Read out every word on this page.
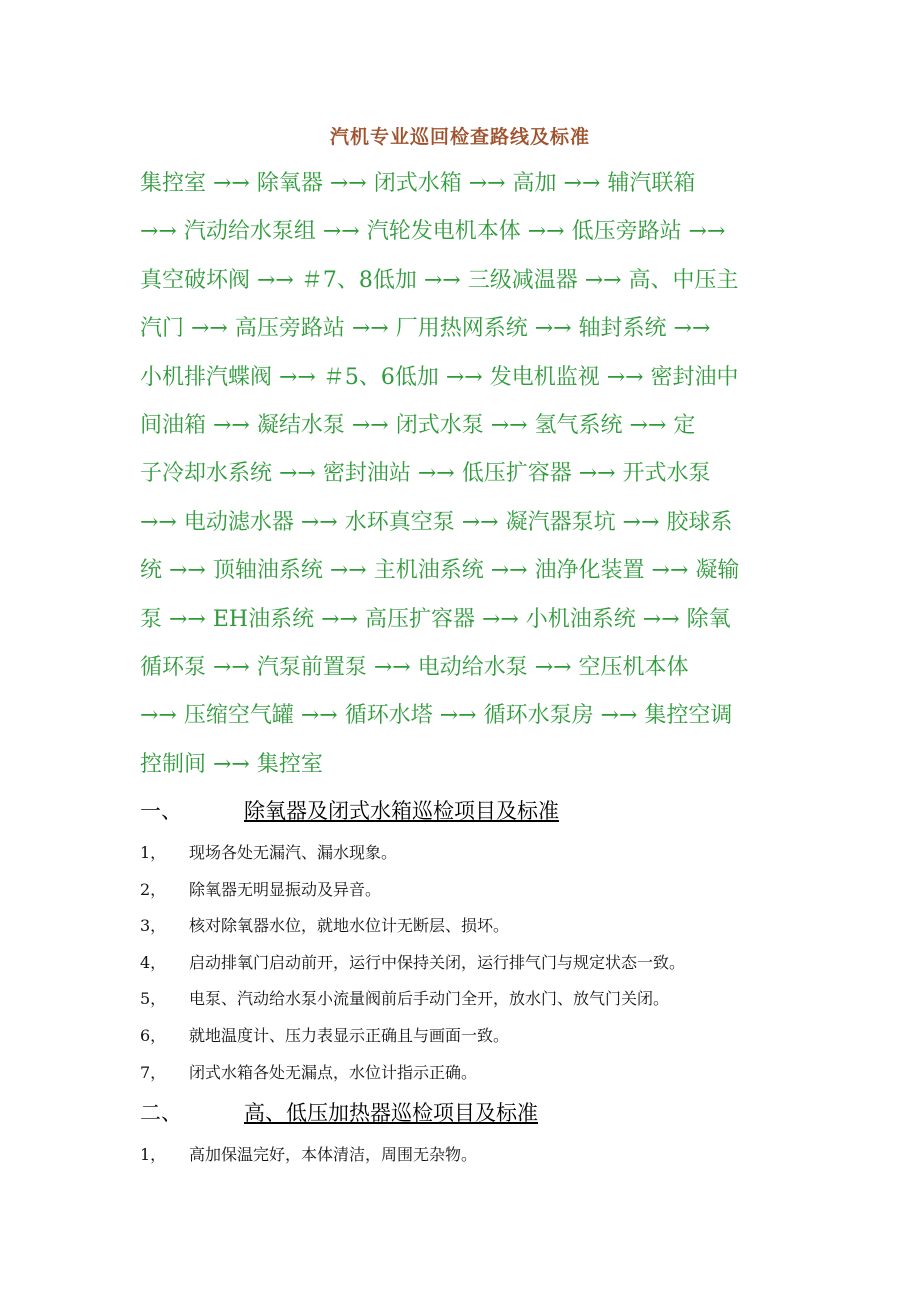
汽机专业巡回检查路线及标准
集控室 →→ 除氧器 →→ 闭式水箱 →→ 高加 →→ 辅汽联箱
→→ 汽动给水泵组 →→ 汽轮发电机本体 →→ 低压旁路站 →→
真空破坏阀 →→ ＃7、8低加 →→ 三级减温器 →→ 高、中压主
汽门 →→ 高压旁路站 →→ 厂用热网系统 →→ 轴封系统 →→
小机排汽蝶阀 →→ ＃5、6低加 →→ 发电机监视 →→ 密封油中
间油箱 →→ 凝结水泵 →→ 闭式水泵 →→ 氢气系统 →→ 定
子冷却水系统 →→ 密封油站 →→ 低压扩容器 →→ 开式水泵
→→ 电动滤水器 →→ 水环真空泵 →→ 凝汽器泵坑 →→ 胶球系
统 →→ 顶轴油系统 →→ 主机油系统 →→ 油净化装置 →→ 凝输
泵 →→ EH油系统 →→ 高压扩容器 →→ 小机油系统 →→ 除氧
循环泵 →→ 汽泵前置泵 →→ 电动给水泵 →→ 空压机本体
→→ 压缩空气罐 →→ 循环水塔 →→ 循环水泵房 →→ 集控空调
控制间 →→ 集控室
一、	除氧器及闭式水箱巡检项目及标准
1， 现场各处无漏汽、漏水现象。
2， 除氧器无明显振动及异音。
3， 核对除氧器水位，就地水位计无断层、损坏。
4， 启动排氧门启动前开，运行中保持关闭，运行排气门与规定状态一致。
5， 电泵、汽动给水泵小流量阀前后手动门全开，放水门、放气门关闭。
6， 就地温度计、压力表显示正确且与画面一致。
7， 闭式水箱各处无漏点，水位计指示正确。
二、	高、低压加热器巡检项目及标准
1， 高加保温完好，本体清洁，周围无杂物。
